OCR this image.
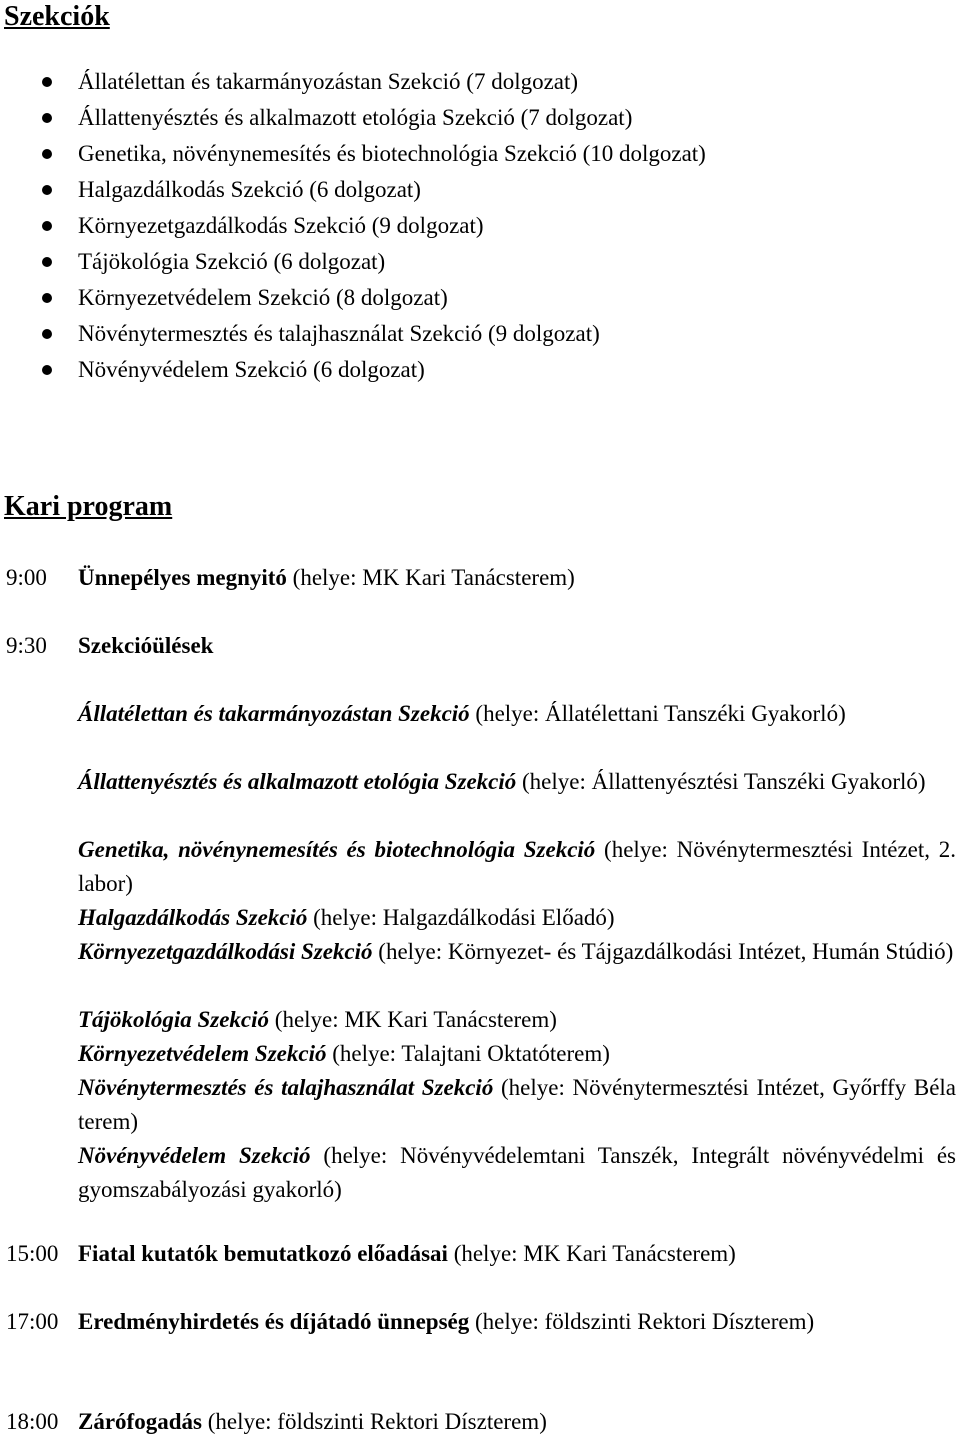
Szekciók
Állatélettan és takarmányozástan Szekció (7 dolgozat)
Állattenyésztés és alkalmazott etológia Szekció (7 dolgozat)
Genetika, növénynemesítés és biotechnológia Szekció (10 dolgozat)
Halgazdálkodás Szekció (6 dolgozat)
Környezetgazdálkodás Szekció (9 dolgozat)
Tájökológia Szekció (6 dolgozat)
Környezetvédelem Szekció (8 dolgozat)
Növénytermesztés és talajhasználat Szekció (9 dolgozat)
Növényvédelem Szekció (6 dolgozat)
Kari program
9:00 Ünnepélyes megnyitó (helye: MK Kari Tanácsterem)
9:30 Szekcióülések

Állatélettan és takarmányozástan Szekció (helye: Állatélettani Tanszéki Gyakorló)

Állattenyésztés és alkalmazott etológia Szekció (helye: Állattenyésztési Tanszéki Gyakorló)

Genetika, növénynemesítés és biotechnológia Szekció (helye: Növénytermesztési Intézet, 2. labor)

Halgazdálkodás Szekció (helye: Halgazdálkodási Előadó)

Környezetgazdálkodási Szekció (helye: Környezet- és Tájgazdálkodási Intézet, Humán Stúdió)

Tájökológia Szekció (helye: MK Kari Tanácsterem)

Környezetvédelem Szekció (helye: Talajtani Oktatóterem)

Növénytermesztés és talajhasználat Szekció (helye: Növénytermesztési Intézet, Győrffy Béla terem)

Növényvédelem Szekció (helye: Növényvédelemtani Tanszék, Integrált növényvédelmi és gyomszabályozási gyakorló)

15:00 Fiatal kutatók bemutatkozó előadásai (helye: MK Kari Tanácsterem)
17:00 Eredményhirdetés és díjátadó ünnepség (helye: földszinti Rektori Díszterem)
18:00 Zárófogadás (helye: földszinti Rektori Díszterem)
